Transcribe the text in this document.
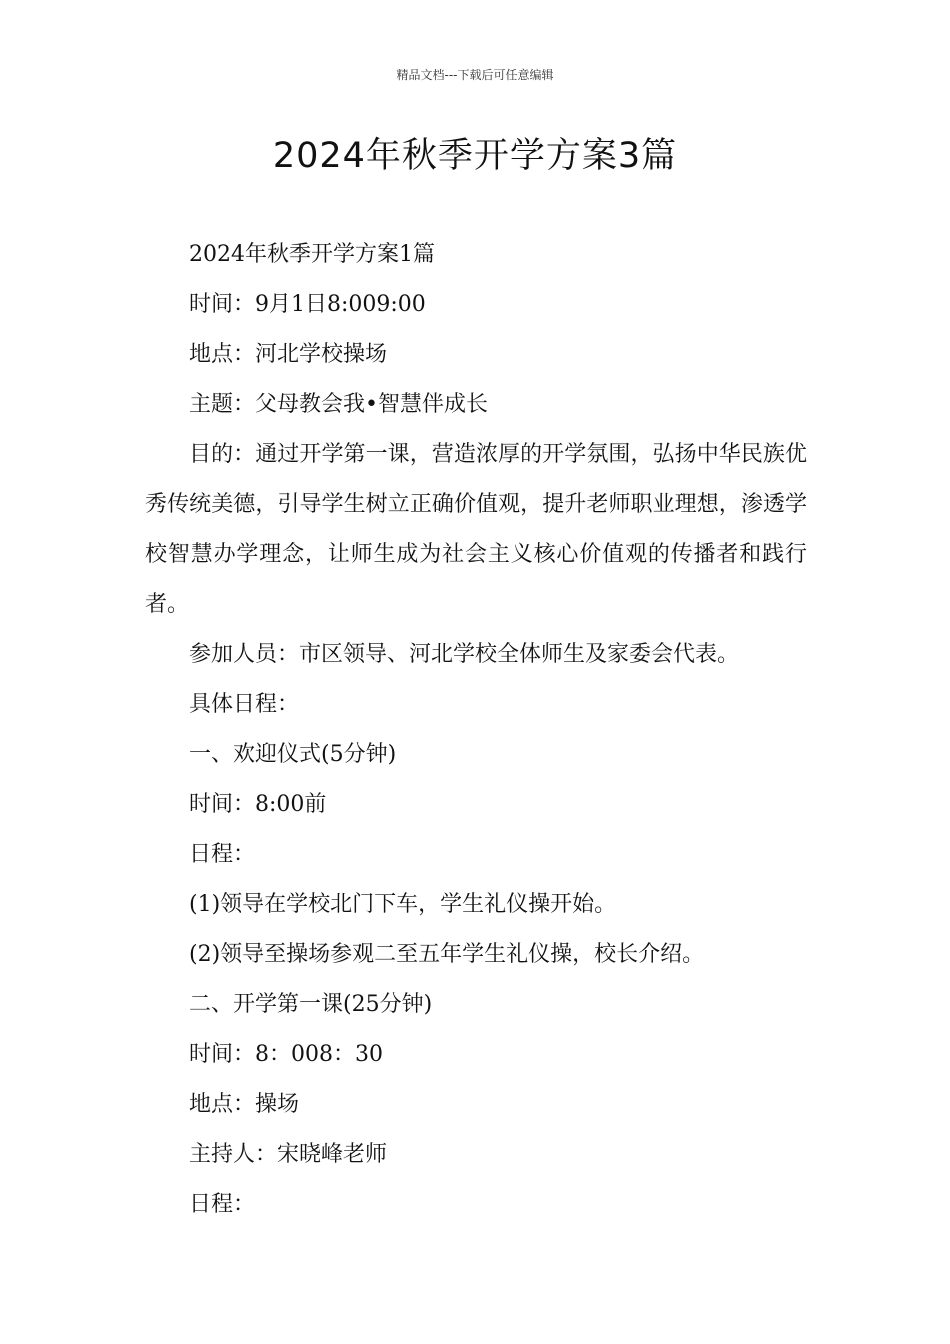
精品文档---下载后可任意编辑
2024年秋季开学方案3篇

2024年秋季开学方案1篇

时间：9月1日8:009:00

地点：河北学校操场

主题：父母教会我•智慧伴成长

目的：通过开学第一课，营造浓厚的开学氛围，弘扬中华民族优秀传统美德，引导学生树立正确价值观，提升老师职业理想，渗透学校智慧办学理念，让师生成为社会主义核心价值观的传播者和践行者。

参加人员：市区领导、河北学校全体师生及家委会代表。

具体日程：

一、欢迎仪式(5分钟)

时间：8:00前

日程：

(1)领导在学校北门下车，学生礼仪操开始。

(2)领导至操场参观二至五年学生礼仪操，校长介绍。

二、开学第一课(25分钟)

时间：8：008：30

地点：操场

主持人：宋晓峰老师

日程：
